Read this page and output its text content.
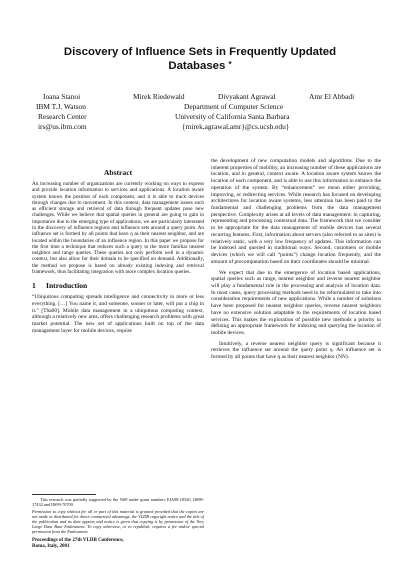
Discovery of Influence Sets in Frequently Updated
Databases *
Ioana Stanoi	Mirek Riedewald	Divyakant Agrawal	Amr El Abbadi
IBM T.J. Watson
Research Center
irs@us.ibm.com
Department of Computer Science
University of California Santa Barbara
{mirek,agrawal,amr}@cs.ucsb.edu}
Abstract

An increasing number of organizations are currently working on ways to express and provide location information to services and applications. A location aware system knows the position of each component, and it is able to track devices through changes due to movement. In this context, data management issues such as efficient storage and retrieval of data through frequent updates pose new challenges. While we believe that spatial queries in general are going to gain in importance due to the emerging type of applications, we are particularly interested in the discovery of influence regions and influence sets around a query point. An influence set is formed by all points that have q as their nearest neighbor, and are located within the boundaries of an influence region. In this paper we propose for the first time a technique that reduces such a query to the more familiar nearest neighbor and range queries. These queries not only perform well in a dynamic context, but also allow for their domain to be specified on demand. Additionally, the method we propose is based on already existing indexing and retrieval framework, thus facilitating integration with more complex location queries.

1 Introduction

“Ubiquitous computing spreads intelligence and connectivity to more or less everything. […] You name it, and someone, sooner or later, will put a chip in it.” [Tha00]. Mobile data management in a ubiquitous computing context, although a relatively new area, offers challenging research problems with great market potential. The new set of applications built on top of the data management layer for mobile devices, require

This research was partially supported by the NSF under grant numbers EIA98-18320, IIS98-17432 and IIS99-70700.

Permission to copy without fee all or part of this material is granted provided that the copies are not made or distributed for direct commercial advantage, the VLDB copyright notice and the title of the publication and its date appear, and notice is given that copying is by permission of the Very Large Data Base Endowment. To copy otherwise, or to republish, requires a fee and/or special permission from the Endowment.

Proceedings of the 27th VLDB Conference,

Roma, Italy, 2001

the development of new computation models and algorithms. Due to the inherent properties of mobility, an increasing number of these applications are location, and in general, context aware. A location aware system knows the location of each component, and is able to use this information to enhance the operation of the system. By “enhancement” we mean either providing, improving, or redirecting services. While research has focused on developing architectures for location aware systems, less attention has been paid to the fundamental and challenging problems from the data management perspective. Complexity arises at all levels of data management: in capturing, representing and processing contextual data. The framework that we consider to be appropriate for the data management of mobile devices has several recurring features. First, information about servers (also referred to as sites) is relatively static, with a very low frequency of updates. This information can be indexed and queried in traditional ways. Second, customers or mobile devices (which we will call “points”) change location frequently, and the amount of precomputation based on their coordinates should be minimal.

We expect that due to the emergence of location based applications, spatial queries such as range, nearest neighbor and reverse nearest neighbor will play a fundamental role in the processing and analysis of location data. In most cases, query processing methods need to be reformulated to take into consideration requirements of new applications. While a number of solutions have been proposed for nearest neighbor queries, reverse nearest neighbors have no extensive solution adaptable to the requirements of location based services. This makes the exploration of possible new methods a priority in defining an appropriate framework for indexing and querying the location of mobile devices.

Intuitively, a reverse nearest neighbor query is significant because it retrieves the influence set around the query point q. An influence set is formed by all points that have q as their nearest neighbor (NN).
